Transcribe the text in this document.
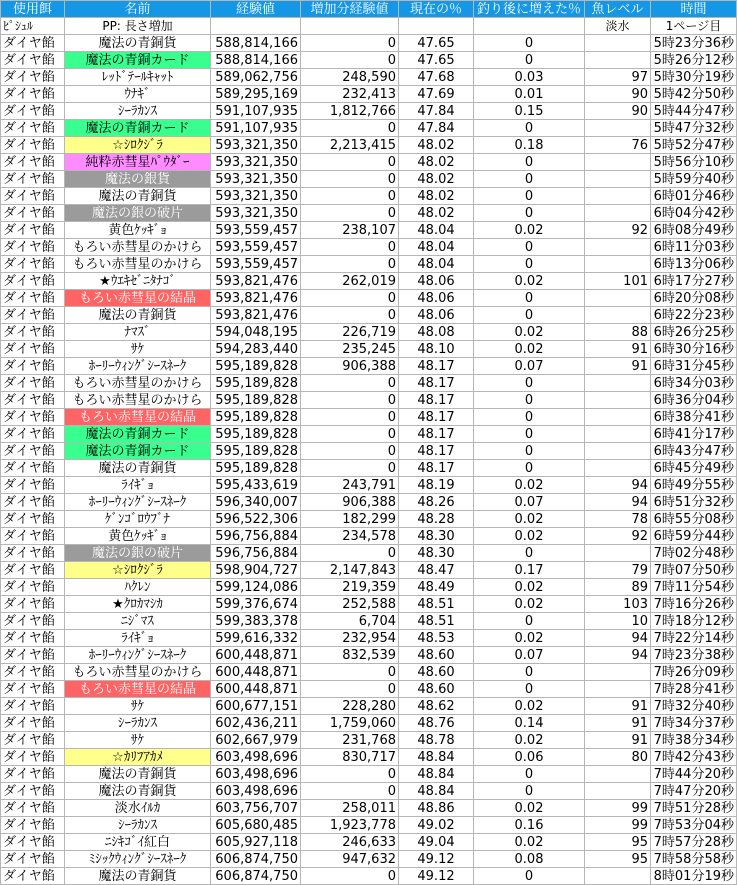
使用餌	名前	経験値	増加分経験値	現在の％	釣り後に増えた％	魚レベル	時間
ﾋﾟｼｭﾙ	PP: 長さ増加					淡水	1ページ目
ダイヤ餡	魔法の青銅貨	588,814,166	0	47.65	0		5時23分36秒
ダイヤ餡	魔法の青銅カード	588,814,166	0	47.65	0		5時26分12秒
ダイヤ餡	ﾚｯﾄﾞﾃｰﾙｷｬｯﾄ	589,062,756	248,590	47.68	0.03	97	5時30分19秒
ダイヤ餡	ｳﾅｷﾞ	589,295,169	232,413	47.69	0.01	90	5時42分50秒
ダイヤ餡	ｼｰﾗｶﾝｽ	591,107,935	1,812,766	47.84	0.15	90	5時44分47秒
ダイヤ餡	魔法の青銅カード	591,107,935	0	47.84	0		5時47分32秒
ダイヤ餡	☆ｼﾛｸｼﾞﾗ	593,321,350	2,213,415	48.02	0.18	76	5時52分47秒
ダイヤ餡	純粋赤彗星ﾊﾟｳﾀﾞｰ	593,321,350	0	48.02	0		5時56分10秒
ダイヤ餡	魔法の銀貨	593,321,350	0	48.02	0		5時59分40秒
ダイヤ餡	魔法の青銅貨	593,321,350	0	48.02	0		6時01分46秒
ダイヤ餡	魔法の銀の破片	593,321,350	0	48.02	0		6時04分42秒
ダイヤ餡	黄色ｹｯｷﾞｮ	593,559,457	238,107	48.04	0.02	92	6時08分49秒
ダイヤ餡	もろい赤彗星のかけら	593,559,457	0	48.04	0		6時11分03秒
ダイヤ餡	もろい赤彗星のかけら	593,559,457	0	48.04	0		6時13分06秒
ダイヤ餡	★ｳｴｷｾﾞﾆﾀﾅｺﾞ	593,821,476	262,019	48.06	0.02	101	6時17分27秒
ダイヤ餡	もろい赤彗星の結晶	593,821,476	0	48.06	0		6時20分08秒
ダイヤ餡	魔法の青銅貨	593,821,476	0	48.06	0		6時22分23秒
ダイヤ餡	ﾅﾏｽﾞ	594,048,195	226,719	48.08	0.02	88	6時26分25秒
ダイヤ餡	ｻｹ	594,283,440	235,245	48.10	0.02	91	6時30分16秒
ダイヤ餡	ﾎｰﾘｰｳｨﾝｸﾞｼｰｽﾈｰｸ	595,189,828	906,388	48.17	0.07	91	6時31分45秒
ダイヤ餡	もろい赤彗星のかけら	595,189,828	0	48.17	0		6時34分03秒
ダイヤ餡	もろい赤彗星のかけら	595,189,828	0	48.17	0		6時36分04秒
ダイヤ餡	もろい赤彗星の結晶	595,189,828	0	48.17	0		6時38分41秒
ダイヤ餡	魔法の青銅カード	595,189,828	0	48.17	0		6時41分17秒
ダイヤ餡	魔法の青銅カード	595,189,828	0	48.17	0		6時43分47秒
ダイヤ餡	魔法の青銅貨	595,189,828	0	48.17	0		6時45分49秒
ダイヤ餡	ﾗｲｷﾞｮ	595,433,619	243,791	48.19	0.02	94	6時49分55秒
ダイヤ餡	ﾎｰﾘｰｳｨﾝｸﾞｼｰｽﾈｰｸ	596,340,007	906,388	48.26	0.07	94	6時51分32秒
ダイヤ餡	ｹﾞﾝｺﾞﾛｳﾌﾞﾅ	596,522,306	182,299	48.28	0.02	78	6時55分08秒
ダイヤ餡	黄色ｹｯｷﾞｮ	596,756,884	234,578	48.30	0.02	92	6時59分44秒
ダイヤ餡	魔法の銀の破片	596,756,884	0	48.30	0		7時02分48秒
ダイヤ餡	☆ｼﾛｸｼﾞﾗ	598,904,727	2,147,843	48.47	0.17	79	7時07分50秒
ダイヤ餡	ﾊｸﾚﾝ	599,124,086	219,359	48.49	0.02	89	7時11分54秒
ダイヤ餡	★ｸﾛｶﾏｼｶ	599,376,674	252,588	48.51	0.02	103	7時16分26秒
ダイヤ餡	ﾆｼﾞﾏｽ	599,383,378	6,704	48.51	0	10	7時18分12秒
ダイヤ餡	ﾗｲｷﾞｮ	599,616,332	232,954	48.53	0.02	94	7時22分14秒
ダイヤ餡	ﾎｰﾘｰｳｨﾝｸﾞｼｰｽﾈｰｸ	600,448,871	832,539	48.60	0.07	94	7時23分38秒
ダイヤ餡	もろい赤彗星のかけら	600,448,871	0	48.60	0		7時26分09秒
ダイヤ餡	もろい赤彗星の結晶	600,448,871	0	48.60	0		7時28分41秒
ダイヤ餡	ｻｹ	600,677,151	228,280	48.62	0.02	91	7時32分40秒
ダイヤ餡	ｼｰﾗｶﾝｽ	602,436,211	1,759,060	48.76	0.14	91	7時34分37秒
ダイヤ餡	ｻｹ	602,667,979	231,768	48.78	0.02	91	7時38分34秒
ダイヤ餡	☆ｶﾘﾌｱｶﾒ	603,498,696	830,717	48.84	0.06	80	7時42分43秒
ダイヤ餡	魔法の青銅貨	603,498,696	0	48.84	0		7時44分20秒
ダイヤ餡	魔法の青銅貨	603,498,696	0	48.84	0		7時47分20秒
ダイヤ餡	淡水ｲﾙｶ	603,756,707	258,011	48.86	0.02	99	7時51分28秒
ダイヤ餡	ｼｰﾗｶﾝｽ	605,680,485	1,923,778	49.02	0.16	99	7時53分04秒
ダイヤ餡	ﾆｼｷｺﾞｲ紅白	605,927,118	246,633	49.04	0.02	95	7時57分28秒
ダイヤ餡	ﾐｼｯｸｳｨﾝｸﾞｼｰｽﾈｰｸ	606,874,750	947,632	49.12	0.08	95	7時58分58秒
ダイヤ餡	魔法の青銅貨	606,874,750	0	49.12	0		8時01分19秒
